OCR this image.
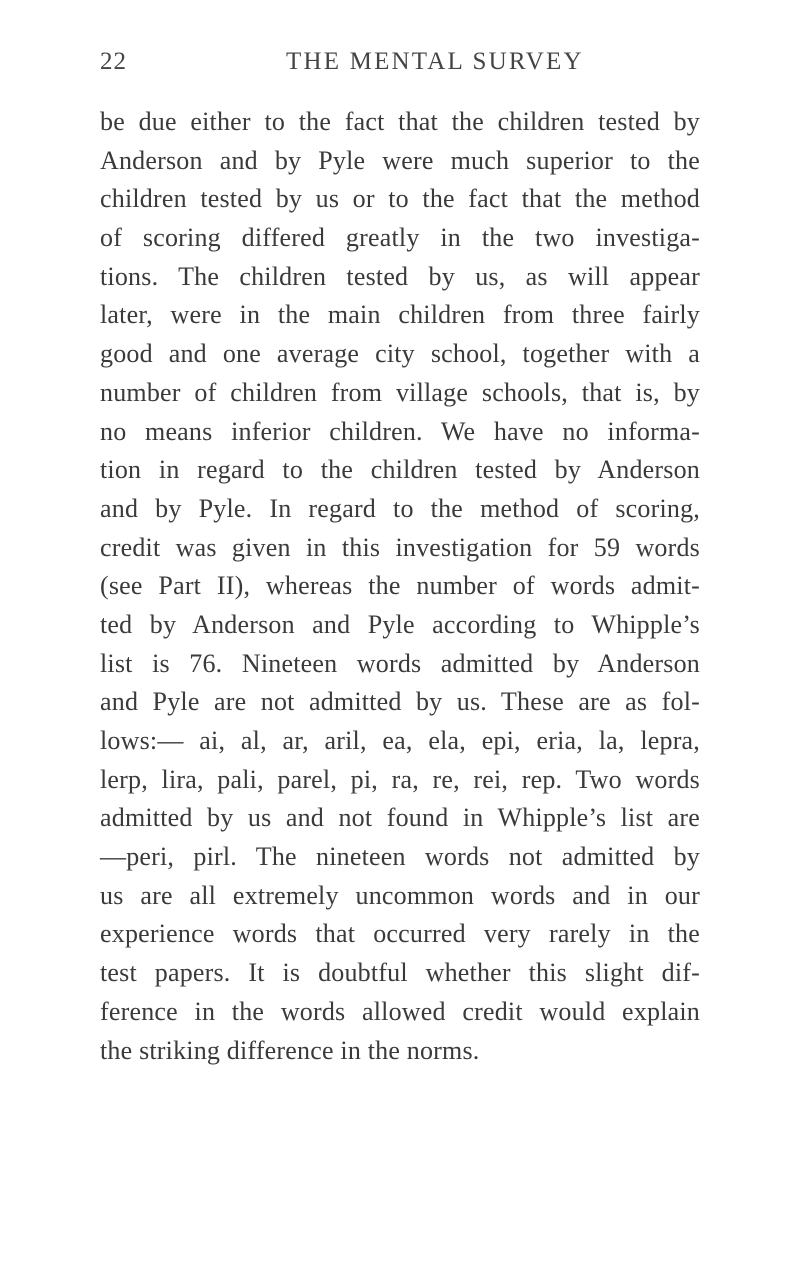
22	THE MENTAL SURVEY
be due either to the fact that the children tested by
Anderson and by Pyle were much superior to the
children tested by us or to the fact that the method
of scoring differed greatly in the two investiga-
tions. The children tested by us, as will appear
later, were in the main children from three fairly
good and one average city school, together with a
number of children from village schools, that is, by
no means inferior children. We have no informa-
tion in regard to the children tested by Anderson
and by Pyle. In regard to the method of scoring,
credit was given in this investigation for 59 words
(see Part II), whereas the number of words admit-
ted by Anderson and Pyle according to Whipple’s
list is 76. Nineteen words admitted by Anderson
and Pyle are not admitted by us. These are as fol-
lows:— ai, al, ar, aril, ea, ela, epi, eria, la, lepra,
lerp, lira, pali, parel, pi, ra, re, rei, rep. Two words
admitted by us and not found in Whipple’s list are
—peri, pirl. The nineteen words not admitted by
us are all extremely uncommon words and in our
experience words that occurred very rarely in the
test papers. It is doubtful whether this slight dif-
ference in the words allowed credit would explain
the striking difference in the norms.
